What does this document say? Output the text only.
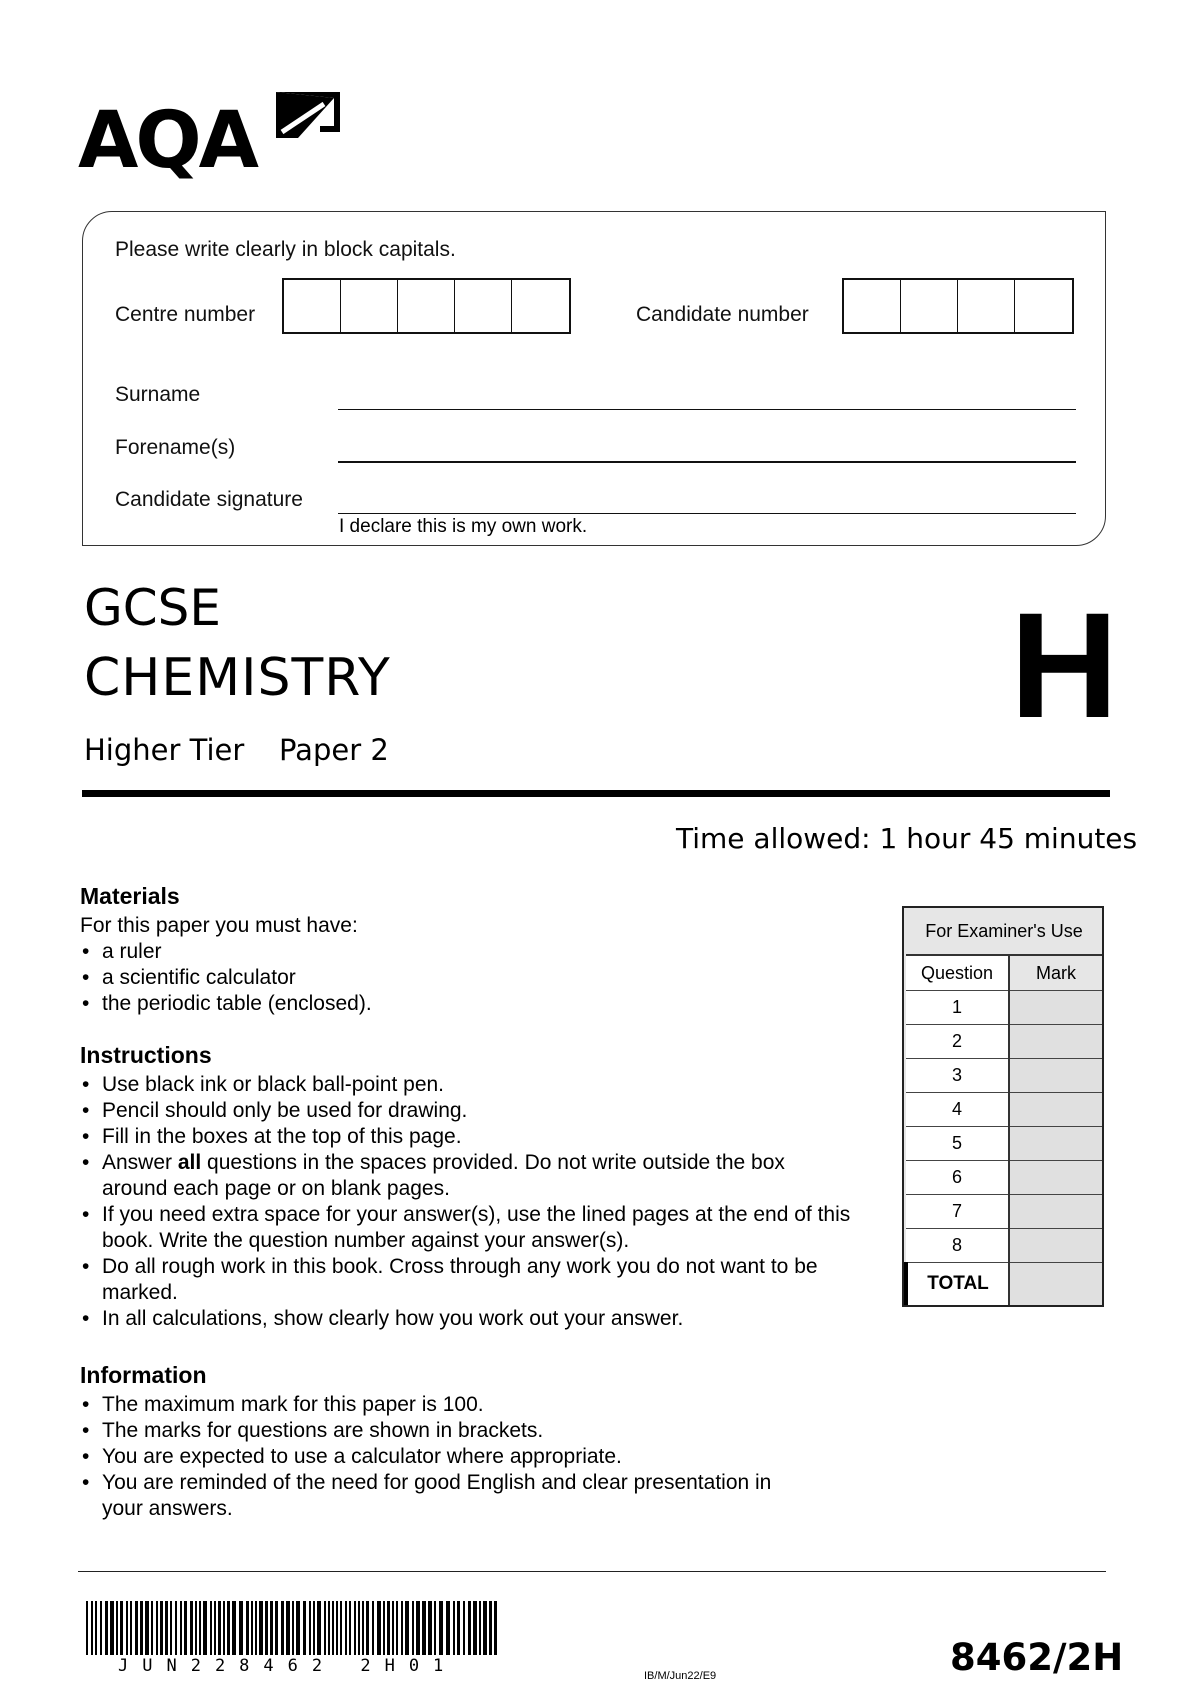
AQA
Please write clearly in block capitals.
Centre number	Candidate number
Surname
Forename(s)
Candidate signature
I declare this is my own work.
GCSE
CHEMISTRY
Higher Tier Paper 2
H
Time allowed: 1 hour 45 minutes
Materials
For this paper you must have:
• a ruler
• a scientific calculator
• the periodic table (enclosed).
Instructions
• Use black ink or black ball-point pen.
• Pencil should only be used for drawing.
• Fill in the boxes at the top of this page.
• Answer all questions in the spaces provided. Do not write outside the box around each page or on blank pages.
• If you need extra space for your answer(s), use the lined pages at the end of this book. Write the question number against your answer(s).
• Do all rough work in this book. Cross through any work you do not want to be marked.
• In all calculations, show clearly how you work out your answer.
Information
• The maximum mark for this paper is 100.
• The marks for questions are shown in brackets.
• You are expected to use a calculator where appropriate.
• You are reminded of the need for good English and clear presentation in your answers.
For Examiner's Use	
Question	Mark
1	
2	
3	
4	
5	
6	
7	
8	
TOTAL	
JUN228462 2H01	IB/M/Jun22/E9	8462/2H
